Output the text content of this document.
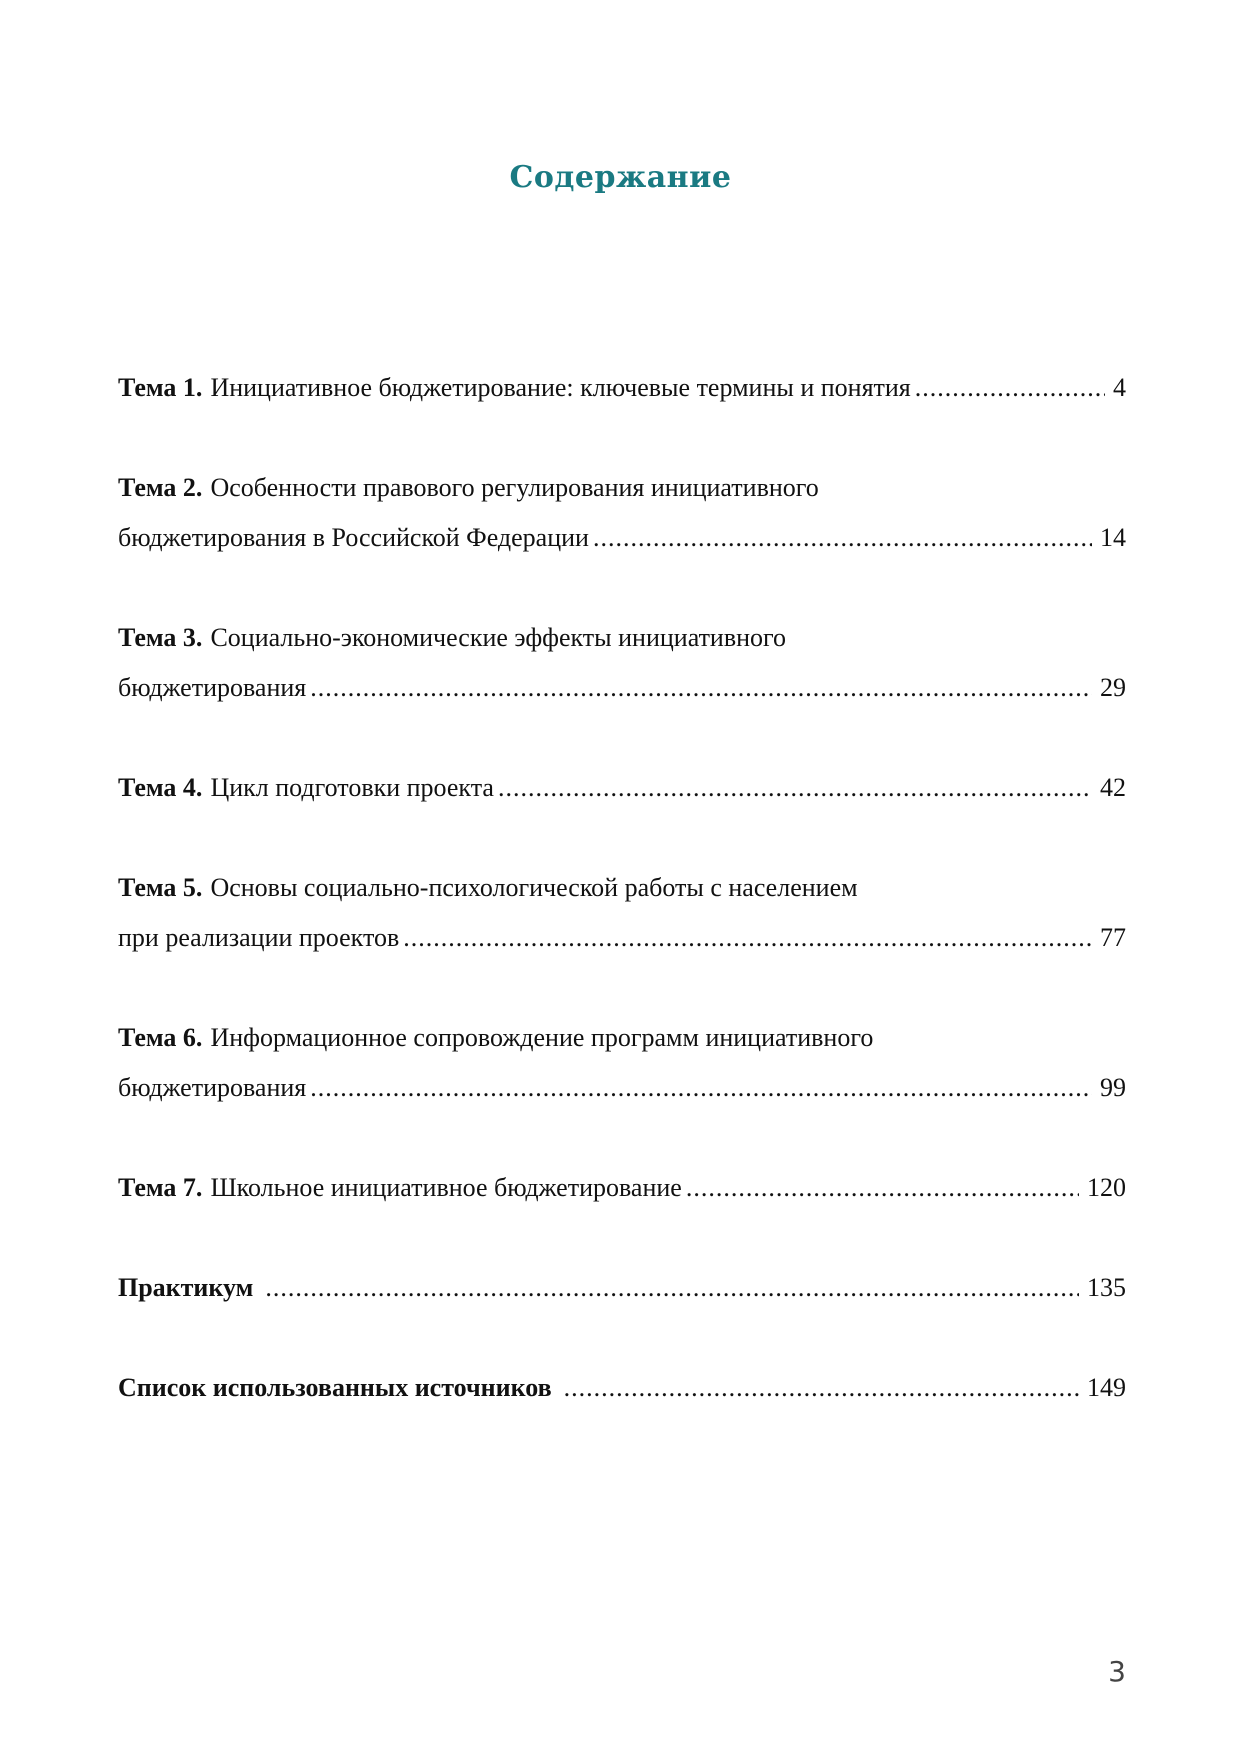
Содержание
Тема 1. Инициативное бюджетирование: ключевые термины и понятия .....	4
Тема 2. Особенности правового регулирования инициативного
бюджетирования в Российской Федерации .....	14
Тема 3. Социально-экономические эффекты инициативного
бюджетирования .....	29
Тема 4. Цикл подготовки проекта .....	42
Тема 5. Основы социально-психологической работы с населением
при реализации проектов .....	77
Тема 6. Информационное сопровождение программ инициативного
бюджетирования .....	99
Тема 7. Школьное инициативное бюджетирование .....	120
Практикум .....	135
Список использованных источников .....	149
3
